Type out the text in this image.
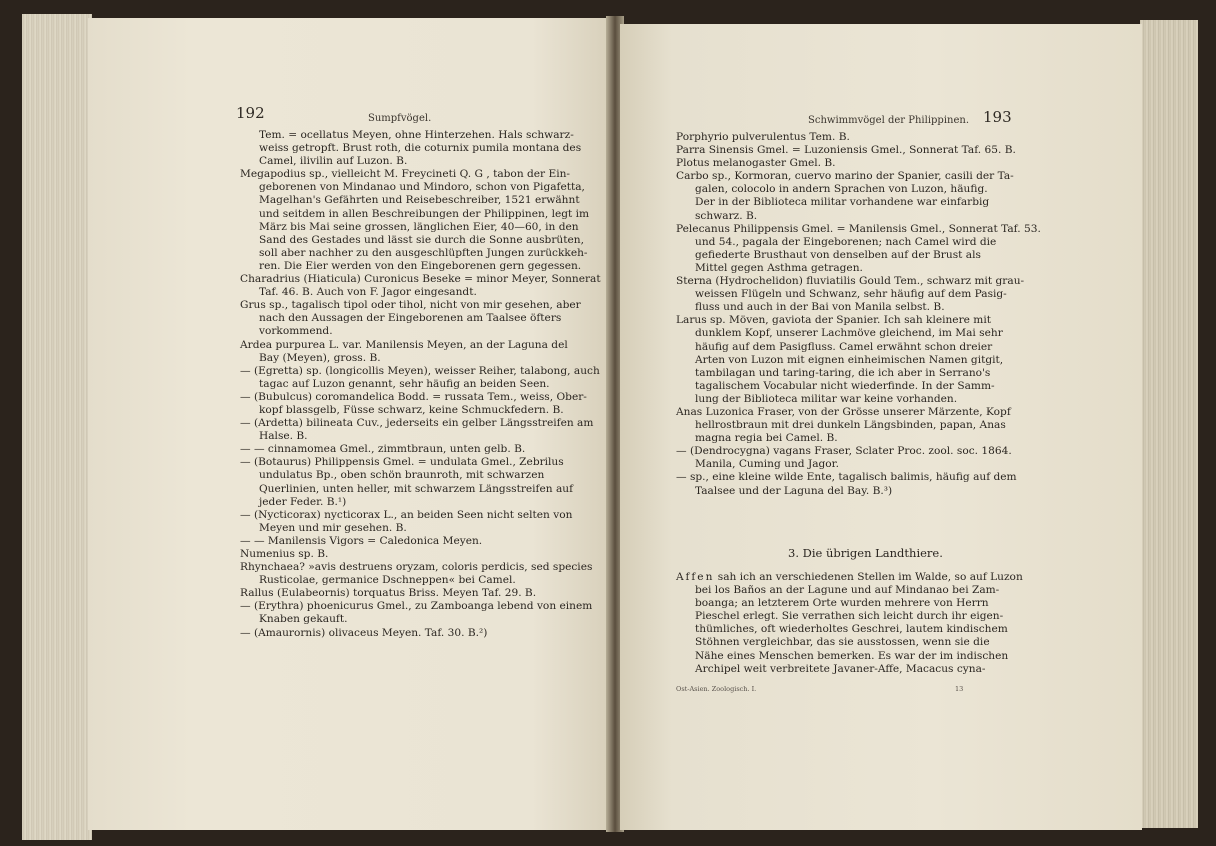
192	Sumpfvögel.
Tem. = ocellatus Meyen, ohne Hinterzehen. Hals schwarz-
weiss getropft. Brust roth, die coturnix pumila montana des
Camel, ilivilin auf Luzon. B.
Megapodius sp., vielleicht M. Freycineti Q. G , tabon der Ein-
geborenen von Mindanao und Mindoro, schon von Pigafetta,
Magelhan's Gefährten und Reisebeschreiber, 1521 erwähnt
und seitdem in allen Beschreibungen der Philippinen, legt im
März bis Mai seine grossen, länglichen Eier, 40—60, in den
Sand des Gestades und lässt sie durch die Sonne ausbrüten,
soll aber nachher zu den ausgeschlüpften Jungen zurückkeh-
ren. Die Eier werden von den Eingeborenen gern gegessen.
Charadrius (Hiaticula) Curonicus Beseke = minor Meyer, Sonnerat
Taf. 46. B. Auch von F. Jagor eingesandt.
Grus sp., tagalisch tipol oder tihol, nicht von mir gesehen, aber
nach den Aussagen der Eingeborenen am Taalsee öfters
vorkommend.
Ardea purpurea L. var. Manilensis Meyen, an der Laguna del
Bay (Meyen), gross. B.
— (Egretta) sp. (longicollis Meyen), weisser Reiher, talabong, auch
tagac auf Luzon genannt, sehr häufig an beiden Seen.
— (Bubulcus) coromandelica Bodd. = russata Tem., weiss, Ober-
kopf blassgelb, Füsse schwarz, keine Schmuckfedern. B.
— (Ardetta) bilineata Cuv., jederseits ein gelber Längsstreifen am
Halse. B.
— — cinnamomea Gmel., zimmtbraun, unten gelb. B.
— (Botaurus) Philippensis Gmel. = undulata Gmel., Zebrilus
undulatus Bp., oben schön braunroth, mit schwarzen
Querlinien, unten heller, mit schwarzem Längsstreifen auf
jeder Feder. B.¹)
— (Nycticorax) nycticorax L., an beiden Seen nicht selten von
Meyen und mir gesehen. B.
— — Manilensis Vigors = Caledonica Meyen.
Numenius sp. B.
Rhynchaea? »avis destruens oryzam, coloris perdicis, sed species
Rusticolae, germanice Dschneppen« bei Camel.
Rallus (Eulabeornis) torquatus Briss. Meyen Taf. 29. B.
— (Erythra) phoenicurus Gmel., zu Zamboanga lebend von einem
Knaben gekauft.
— (Amaurornis) olivaceus Meyen. Taf. 30. B.²)
Schwimmvögel der Philippinen. 193
Porphyrio pulverulentus Tem. B.
Parra Sinensis Gmel. = Luzoniensis Gmel., Sonnerat Taf. 65. B.
Plotus melanogaster Gmel. B.
Carbo sp., Kormoran, cuervo marino der Spanier, casili der Ta-
galen, colocolo in andern Sprachen von Luzon, häufig.
Der in der Biblioteca militar vorhandene war einfarbig
schwarz. B.
Pelecanus Philippensis Gmel. = Manilensis Gmel., Sonnerat Taf. 53.
und 54., pagala der Eingeborenen; nach Camel wird die
gefiederte Brusthaut von denselben auf der Brust als
Mittel gegen Asthma getragen.
Sterna (Hydrochelidon) fluviatilis Gould Tem., schwarz mit grau-
weissen Flügeln und Schwanz, sehr häufig auf dem Pasig-
fluss und auch in der Bai von Manila selbst. B.
Larus sp. Möven, gaviota der Spanier. Ich sah kleinere mit
dunklem Kopf, unserer Lachmöve gleichend, im Mai sehr
häufig auf dem Pasigfluss. Camel erwähnt schon dreier
Arten von Luzon mit eignen einheimischen Namen gitgit,
tambilagan und taring-taring, die ich aber in Serrano's
tagalischem Vocabular nicht wiederfinde. In der Samm-
lung der Biblioteca militar war keine vorhanden.
Anas Luzonica Fraser, von der Grösse unserer Märzente, Kopf
hellrostbraun mit drei dunkeln Längsbinden, papan, Anas
magna regia bei Camel. B.
— (Dendrocygna) vagans Fraser, Sclater Proc. zool. soc. 1864.
Manila, Cuming und Jagor.
— sp., eine kleine wilde Ente, tagalisch balimis, häufig auf dem
Taalsee und der Laguna del Bay. B.³)
3. Die übrigen Landthiere.
Affen sah ich an verschiedenen Stellen im Walde, so auf Luzon
bei los Baños an der Lagune und auf Mindanao bei Zam-
boanga; an letzterem Orte wurden mehrere von Herrn
Pieschel erlegt. Sie verrathen sich leicht durch ihr eigen-
thümliches, oft wiederholtes Geschrei, lautem kindischem
Stöhnen vergleichbar, das sie ausstossen, wenn sie die
Nähe eines Menschen bemerken. Es war der im indischen
Archipel weit verbreitete Javaner-Affe, Macacus cyna-
Ost-Asien. Zoologisch. I.	13
